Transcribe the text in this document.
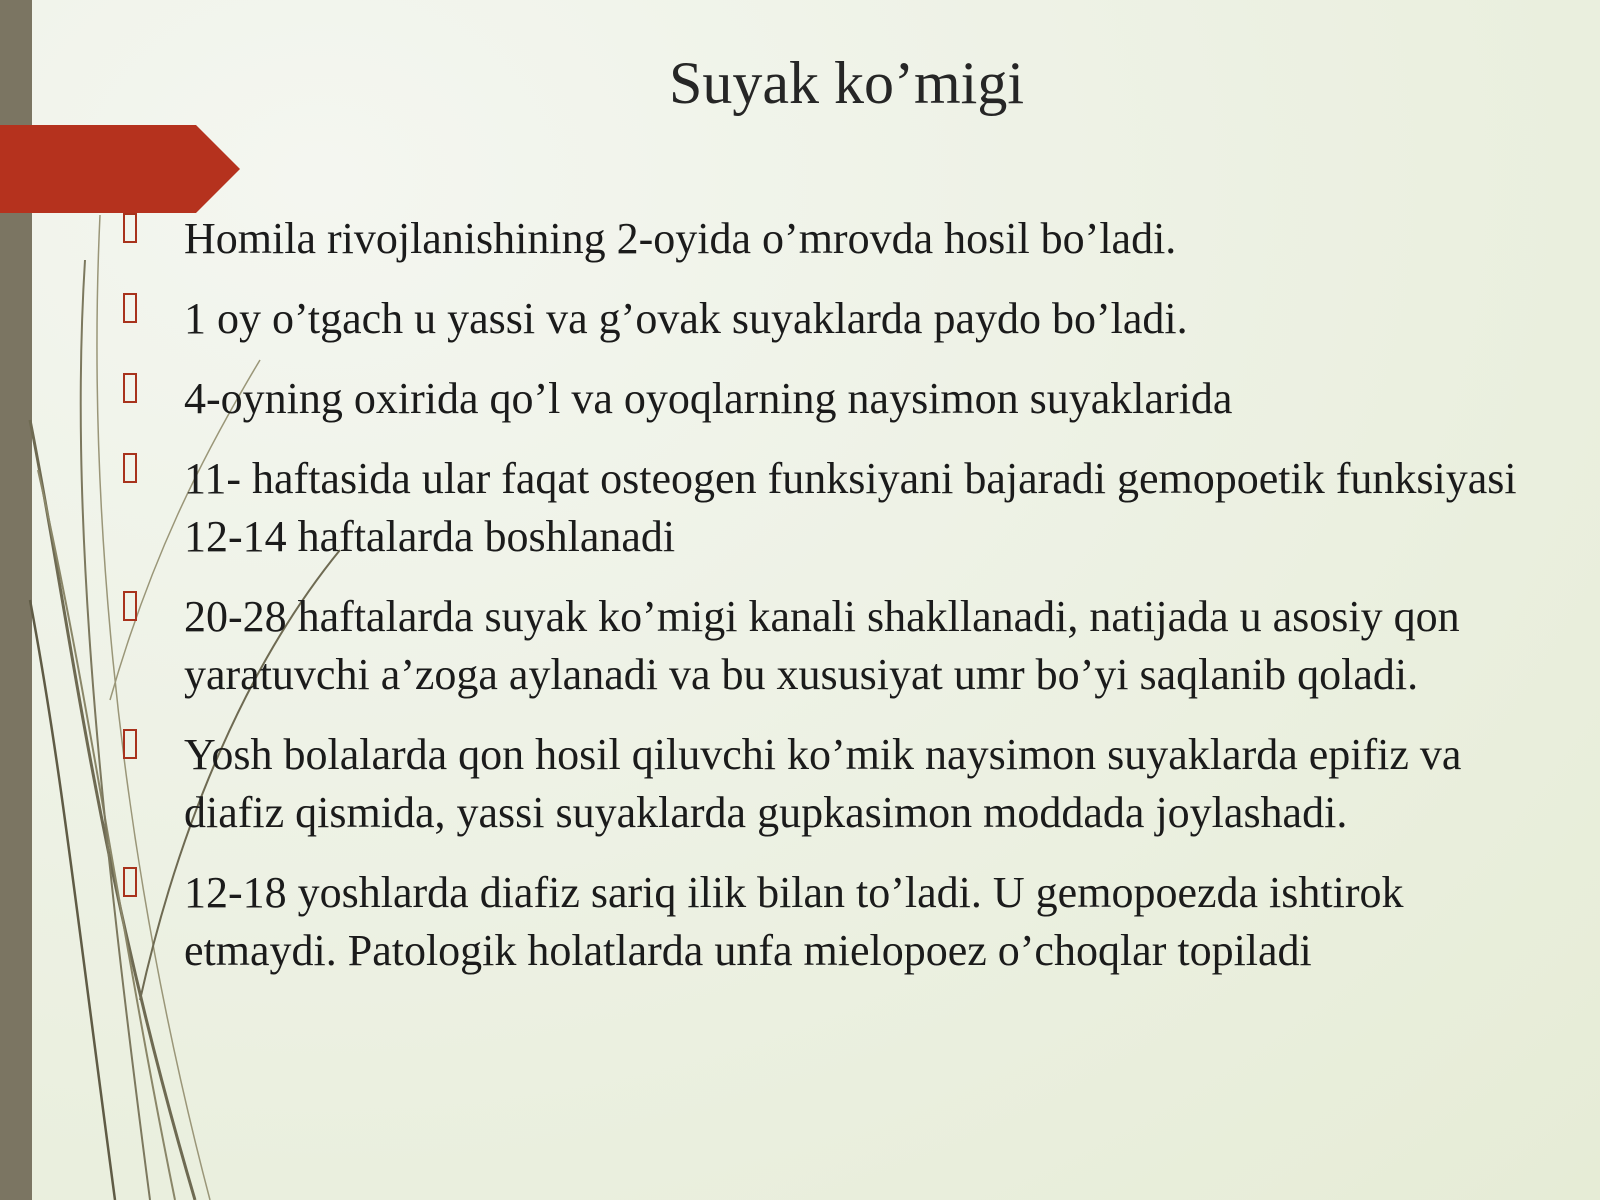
Suyak ko’migi
Homila rivojlanishining 2-oyida o’mrovda hosil bo’ladi.
1 oy o’tgach u yassi va g’ovak suyaklarda paydo bo’ladi.
4-oyning oxirida qo’l va oyoqlarning naysimon suyaklarida
11- haftasida ular faqat osteogen funksiyani bajaradi gemopoetik funksiyasi 12-14 haftalarda boshlanadi
20-28 haftalarda suyak ko’migi kanali shakllanadi, natijada u asosiy qon yaratuvchi a’zoga aylanadi va bu xususiyat umr bo’yi saqlanib qoladi.
Yosh bolalarda qon hosil qiluvchi ko’mik naysimon suyaklarda epifiz va diafiz qismida, yassi suyaklarda gupkasimon moddada joylashadi.
12-18 yoshlarda diafiz sariq ilik bilan to’ladi. U gemopoezda ishtirok etmaydi. Patologik holatlarda unfa mielopoez o’choqlar topiladi
